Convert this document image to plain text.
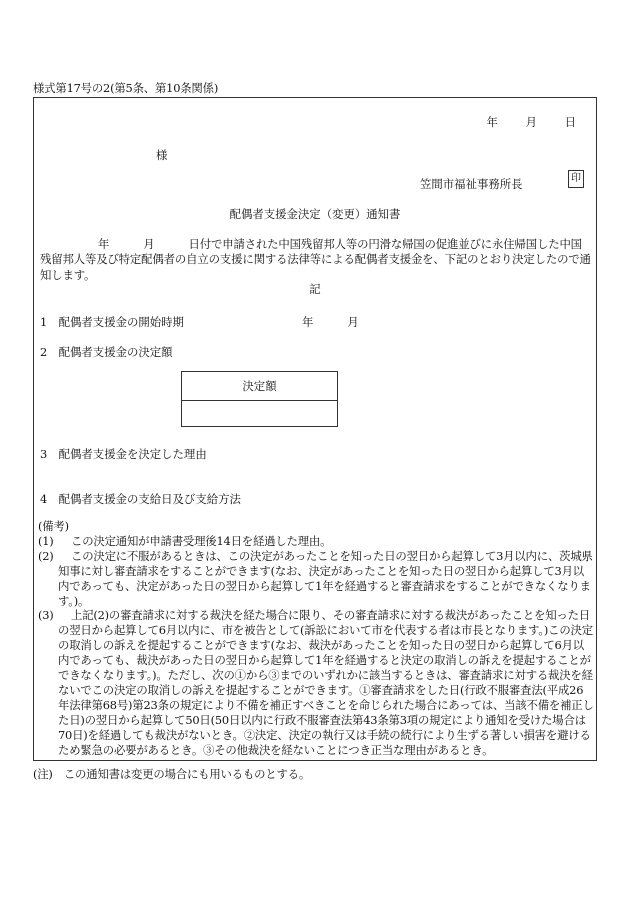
様式第17号の2(第5条、第10条関係)
年 月 日
様
笠間市福祉事務所長	印
配偶者支援金決定（変更）通知書
年	月	日付で申請された中国残留邦人等の円滑な帰国の促進並びに永住帰国した中国残留邦人等及び特定配偶者の自立の支援に関する法律等による配偶者支援金を、下記のとおり決定したので通知します。
記
1　配偶者支援金の開始時期	年	月
2　配偶者支援金の決定額
決定額
3　配偶者支援金を決定した理由
4　配偶者支援金の支給日及び支給方法
(備考)
(1)	この決定通知が申請書受理後14日を経過した理由。
(2)	この決定に不服があるときは、この決定があったことを知った日の翌日から起算して3月以内に、茨城県知事に対し審査請求をすることができます(なお、決定があったことを知った日の翌日から起算して3月以内であっても、決定があった日の翌日から起算して1年を経過すると審査請求をすることができなくなります。)。
(3)	上記(2)の審査請求に対する裁決を経た場合に限り、その審査請求に対する裁決があったことを知った日の翌日から起算して6月以内に、市を被告として(訴訟において市を代表する者は市長となります。)この決定の取消しの訴えを提起することができます(なお、裁決があったことを知った日の翌日から起算して6月以内であっても、裁決があった日の翌日から起算して1年を経過すると決定の取消しの訴えを提起することができなくなります。)。ただし、次の①から③までのいずれかに該当するときは、審査請求に対する裁決を経ないでこの決定の取消しの訴えを提起することができます。①審査請求をした日(行政不服審査法(平成26年法律第68号)第23条の規定により不備を補正すべきことを命じられた場合にあっては、当該不備を補正した日)の翌日から起算して50日(50日以内に行政不服審査法第43条第3項の規定により通知を受けた場合は70日)を経過しても裁決がないとき。②決定、決定の執行又は手続の続行により生ずる著しい損害を避けるため緊急の必要があるとき。③その他裁決を経ないことにつき正当な理由があるとき。
(注)　この通知書は変更の場合にも用いるものとする。
